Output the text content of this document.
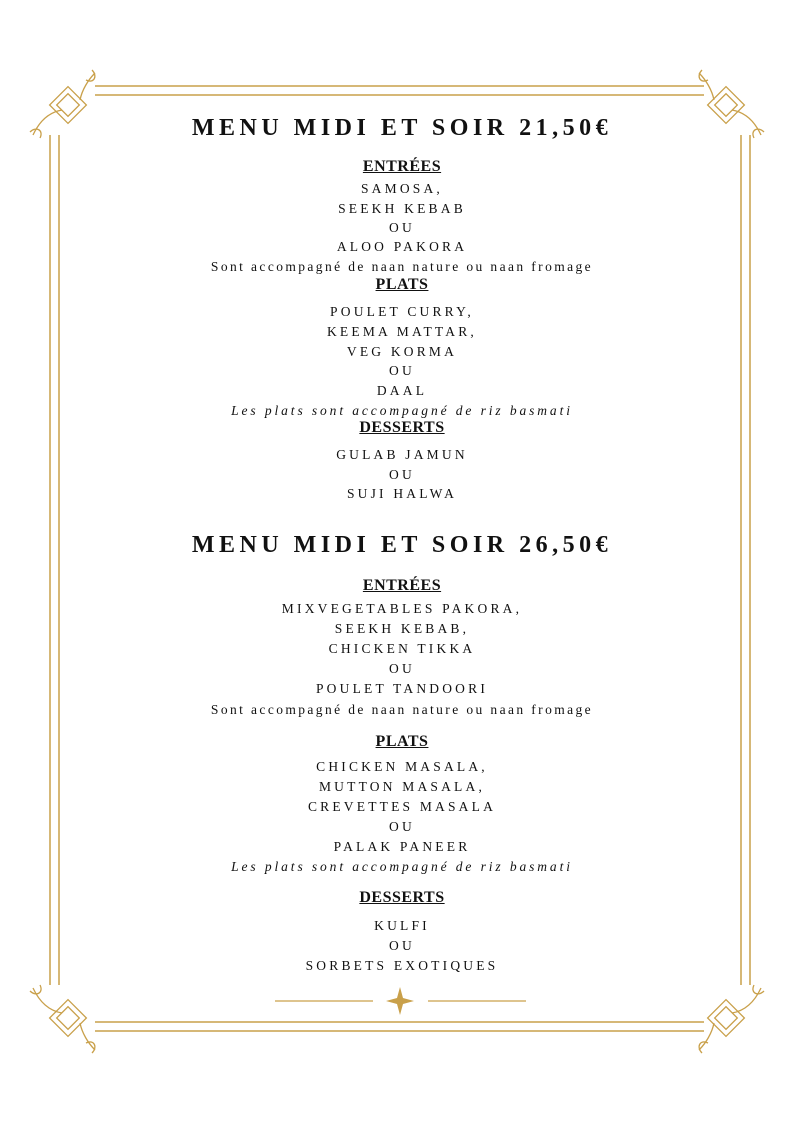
MENU MIDI ET SOIR 21,50€
ENTRÉES
SAMOSA,
SEEKH KEBAB
OU
ALOO PAKORA
Sont accompagné de naan nature ou naan fromage
PLATS
POULET CURRY,
KEEMA MATTAR,
VEG KORMA
OU
DAAL
Les plats sont accompagné de riz basmati
DESSERTS
GULAB JAMUN
OU
SUJI HALWA
MENU MIDI ET SOIR 26,50€
ENTRÉES
MIXVEGETABLES PAKORA,
SEEKH KEBAB,
CHICKEN TIKKA
OU
POULET TANDOORI
Sont accompagné de naan nature ou naan fromage
PLATS
CHICKEN MASALA,
MUTTON MASALA,
CREVETTES MASALA
OU
PALAK PANEER
Les plats sont accompagné de riz basmati
DESSERTS
KULFI
OU
SORBETS EXOTIQUES
